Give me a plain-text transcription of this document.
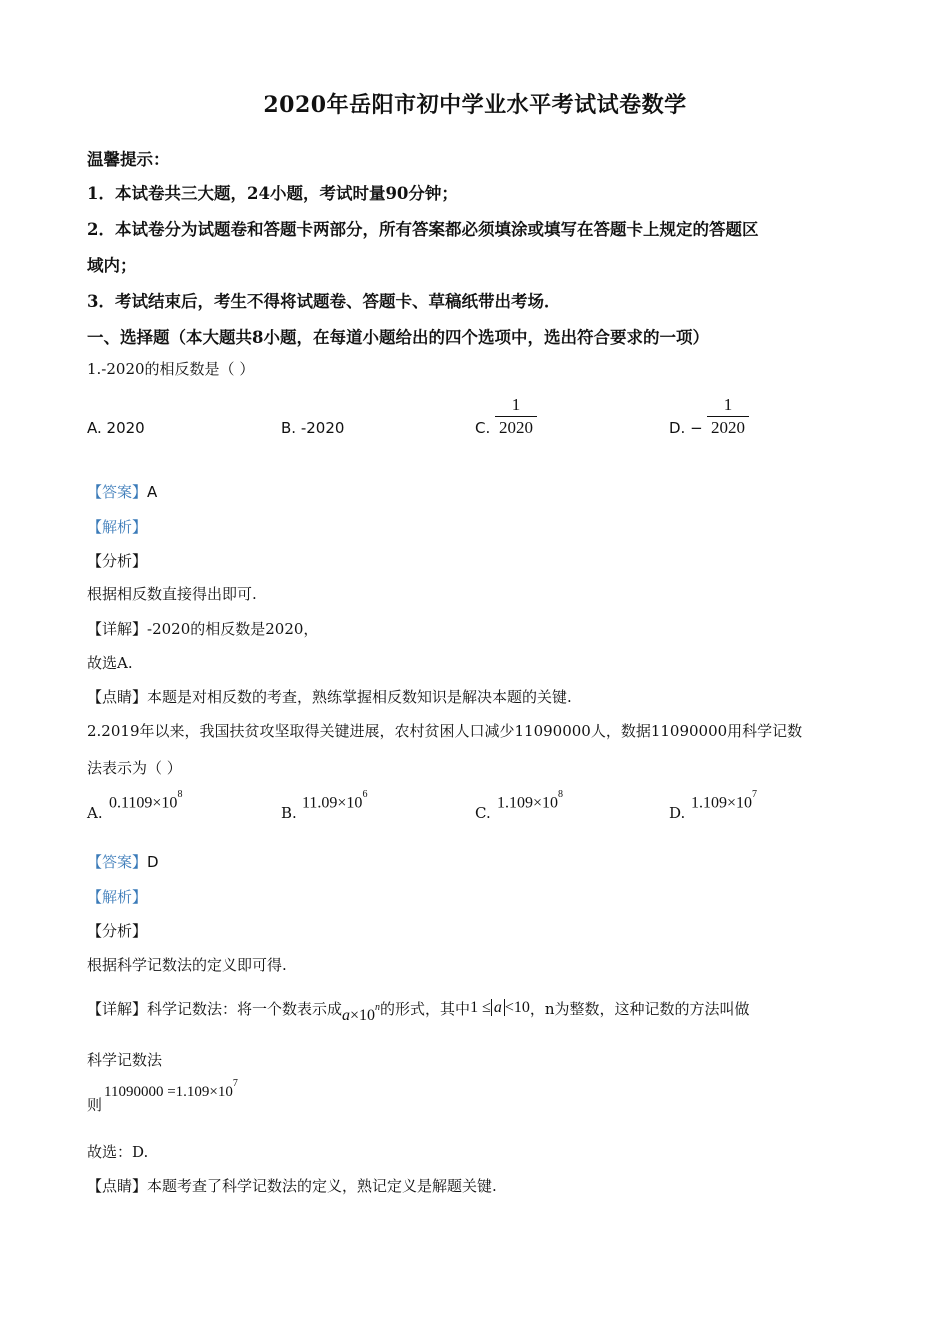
2020年岳阳市初中学业水平考试试卷数学
温馨提示：
1．本试卷共三大题，24小题，考试时量90分钟；
2．本试卷分为试题卷和答题卡两部分，所有答案都必须填涂或填写在答题卡上规定的答题区
域内；
3．考试结束后，考生不得将试题卷、答题卡、草稿纸带出考场．
一、选择题（本大题共8小题，在每道小题给出的四个选项中，选出符合要求的一项）
1.-2020的相反数是（ ）
A. 2020	B. -2020	C.
1
2020	D. −
1
2020
【答案】A
【解析】
【分析】
根据相反数直接得出即可.
【详解】-2020的相反数是2020，
故选A.
【点睛】本题是对相反数的考查，熟练掌握相反数知识是解决本题的关键.
2.2019年以来，我国扶贫攻坚取得关键进展，农村贫困人口减少11090000人，数据11090000用科学记数
法表示为（ ）
A.
$0.1109\times 10^8$
B.
$11.09\times 10^6$
C.
$1.109\times 10^8$
D.
$1.109\times 10^7$
【答案】D
【解析】
【分析】
根据科学记数法的定义即可得.
【详解】科学记数法：将一个数表示成$a\times 10^n$的形式，其中1 ≤ a <10，n为整数，这种记数的方法叫做
科学记数法
则
$11090000 =1.109\times 10^7$
故选：D.
【点睛】本题考查了科学记数法的定义，熟记定义是解题关键.
